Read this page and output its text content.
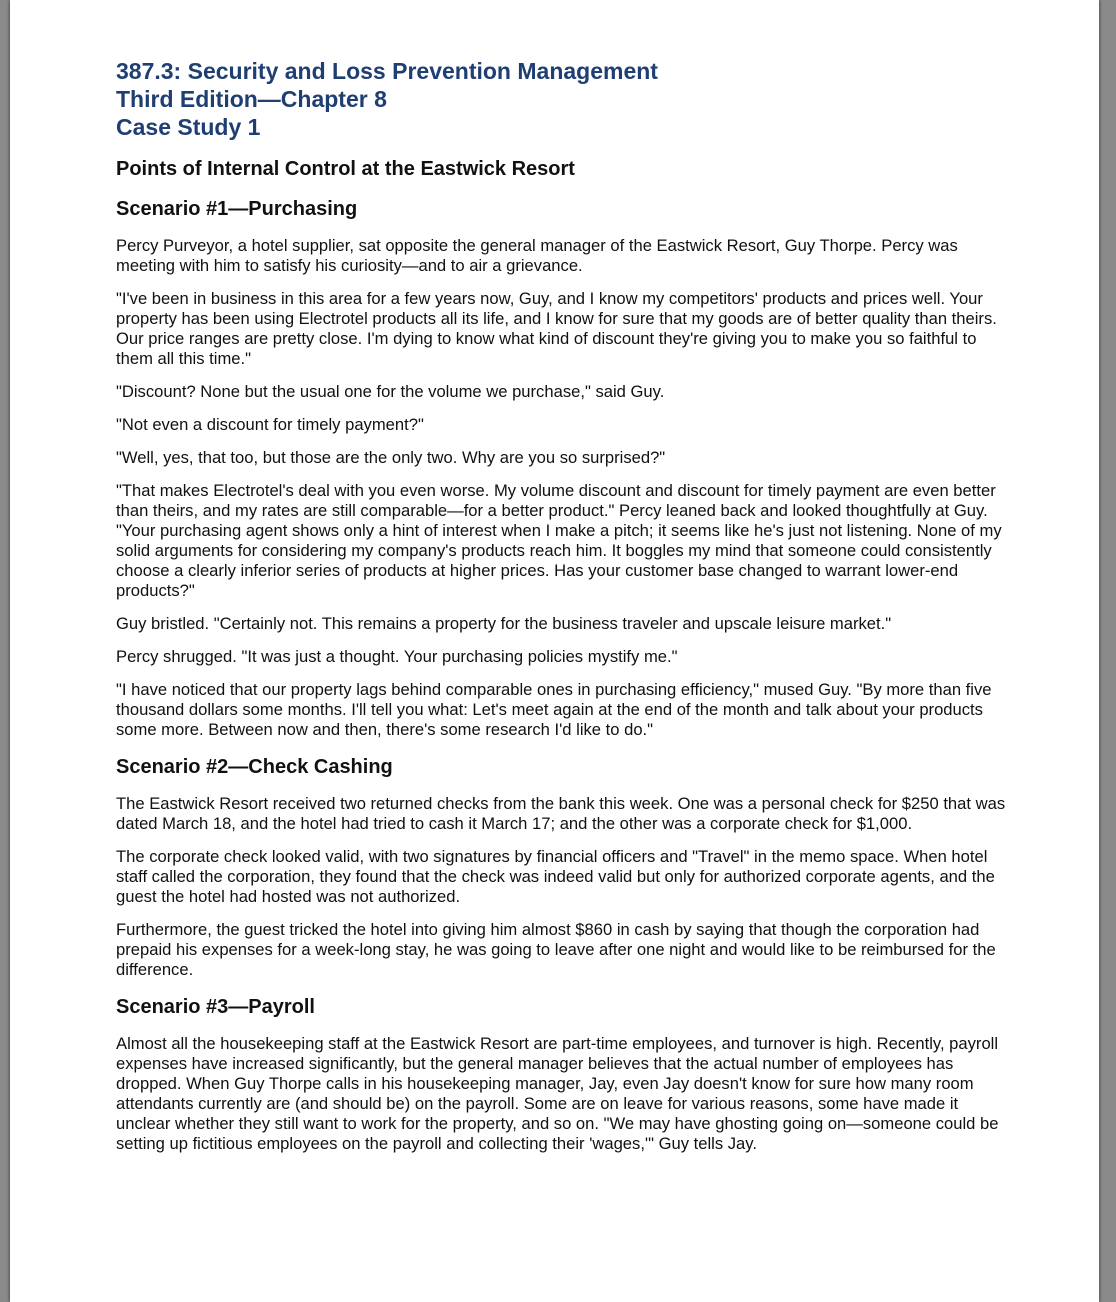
387.3: Security and Loss Prevention Management
Third Edition—Chapter 8
Case Study 1
Points of Internal Control at the Eastwick Resort
Scenario #1—Purchasing

Percy Purveyor, a hotel supplier, sat opposite the general manager of the Eastwick Resort, Guy Thorpe. Percy was meeting with him to satisfy his curiosity—and to air a grievance.

"I've been in business in this area for a few years now, Guy, and I know my competitors' products and prices well. Your property has been using Electrotel products all its life, and I know for sure that my goods are of better quality than theirs. Our price ranges are pretty close. I'm dying to know what kind of discount they're giving you to make you so faithful to them all this time."

"Discount? None but the usual one for the volume we purchase," said Guy.

"Not even a discount for timely payment?"

"Well, yes, that too, but those are the only two. Why are you so surprised?"

"That makes Electrotel's deal with you even worse. My volume discount and discount for timely payment are even better than theirs, and my rates are still comparable—for a better product." Percy leaned back and looked thoughtfully at Guy. "Your purchasing agent shows only a hint of interest when I make a pitch; it seems like he's just not listening. None of my solid arguments for considering my company's products reach him. It boggles my mind that someone could consistently choose a clearly inferior series of products at higher prices. Has your customer base changed to warrant lower-end products?"

Guy bristled. "Certainly not. This remains a property for the business traveler and upscale leisure market."

Percy shrugged. "It was just a thought. Your purchasing policies mystify me."

"I have noticed that our property lags behind comparable ones in purchasing efficiency," mused Guy. "By more than five thousand dollars some months. I'll tell you what: Let's meet again at the end of the month and talk about your products some more. Between now and then, there's some research I'd like to do."

Scenario #2—Check Cashing

The Eastwick Resort received two returned checks from the bank this week. One was a personal check for $250 that was dated March 18, and the hotel had tried to cash it March 17; and the other was a corporate check for $1,000.

The corporate check looked valid, with two signatures by financial officers and "Travel" in the memo space. When hotel staff called the corporation, they found that the check was indeed valid but only for authorized corporate agents, and the guest the hotel had hosted was not authorized.

Furthermore, the guest tricked the hotel into giving him almost $860 in cash by saying that though the corporation had prepaid his expenses for a week-long stay, he was going to leave after one night and would like to be reimbursed for the difference.

Scenario #3—Payroll

Almost all the housekeeping staff at the Eastwick Resort are part-time employees, and turnover is high. Recently, payroll expenses have increased significantly, but the general manager believes that the actual number of employees has dropped. When Guy Thorpe calls in his housekeeping manager, Jay, even Jay doesn't know for sure how many room attendants currently are (and should be) on the payroll. Some are on leave for various reasons, some have made it unclear whether they still want to work for the property, and so on. "We may have ghosting going on—someone could be setting up fictitious employees on the payroll and collecting their 'wages,'" Guy tells Jay.
